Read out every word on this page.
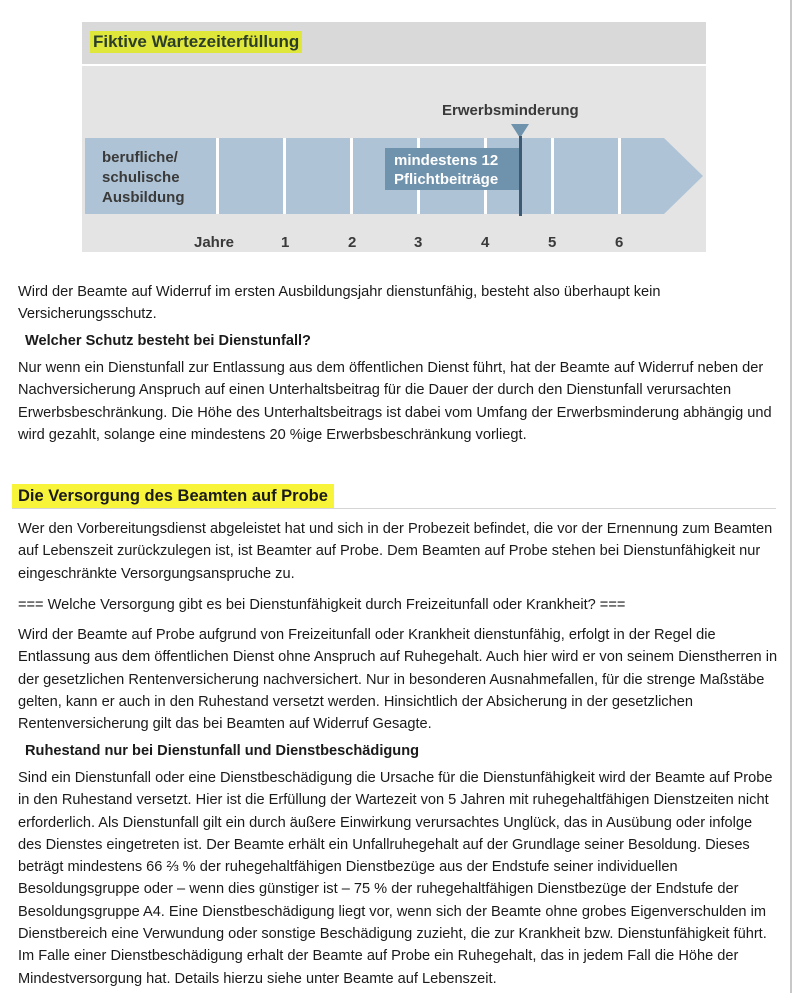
Fiktive Wartezeiterfüllung
berufliche/
schulische
Ausbildung
mindestens 12
Pflichtbeiträge
Erwerbsminderung
Jahre	1	2	3	4	5	6

Wird der Beamte auf Widerruf im ersten Ausbildungsjahr dienstunfähig, besteht also überhaupt kein Versicherungsschutz.

Welcher Schutz besteht bei Dienstunfall?

Nur wenn ein Dienstunfall zur Entlassung aus dem öffentlichen Dienst führt, hat der Beamte auf Widerruf neben der Nachversicherung Anspruch auf einen Unterhaltsbeitrag für die Dauer der durch den Dienstunfall verursachten Erwerbsbeschränkung. Die Höhe des Unterhaltsbeitrags ist dabei vom Umfang der Erwerbsminderung abhängig und wird gezahlt, solange eine mindestens 20 %ige Erwerbsbeschränkung vorliegt.

Die Versorgung des Beamten auf Probe

Wer den Vorbereitungsdienst abgeleistet hat und sich in der Probezeit befindet, die vor der Ernennung zum Beamten auf Lebenszeit zurückzulegen ist, ist Beamter auf Probe. Dem Beamten auf Probe stehen bei Dienstunfähigkeit nur eingeschränkte Versorgungsanspruche zu.

=== Welche Versorgung gibt es bei Dienstunfähigkeit durch Freizeitunfall oder Krankheit? ===

Wird der Beamte auf Probe aufgrund von Freizeitunfall oder Krankheit dienstunfähig, erfolgt in der Regel die Entlassung aus dem öffentlichen Dienst ohne Anspruch auf Ruhegehalt. Auch hier wird er von seinem Dienstherren in der gesetzlichen Rentenversicherung nachversichert. Nur in besonderen Ausnahmefallen, für die strenge Maßstäbe gelten, kann er auch in den Ruhestand versetzt werden. Hinsichtlich der Absicherung in der gesetzlichen Rentenversicherung gilt das bei Beamten auf Widerruf Gesagte.

Ruhestand nur bei Dienstunfall und Dienstbeschädigung

Sind ein Dienstunfall oder eine Dienstbeschädigung die Ursache für die Dienstunfähigkeit wird der Beamte auf Probe in den Ruhestand versetzt. Hier ist die Erfüllung der Wartezeit von 5 Jahren mit ruhegehaltfähigen Dienstzeiten nicht erforderlich. Als Dienstunfall gilt ein durch äußere Einwirkung verursachtes Unglück, das in Ausübung oder infolge des Dienstes eingetreten ist. Der Beamte erhält ein Unfallruhegehalt auf der Grundlage seiner Besoldung. Dieses beträgt mindestens 66 ⅔ % der ruhegehaltfähigen Dienstbezüge aus der Endstufe seiner individuellen Besoldungsgruppe oder – wenn dies günstiger ist – 75 % der ruhegehaltfähigen Dienstbezüge der Endstufe der Besoldungsgruppe A4. Eine Dienstbeschädigung liegt vor, wenn sich der Beamte ohne grobes Eigenverschulden im Dienstbereich eine Verwundung oder sonstige Beschädigung zuzieht, die zur Krankheit bzw. Dienstunfähigkeit führt. Im Falle einer Dienstbeschädigung erhalt der Beamte auf Probe ein Ruhegehalt, das in jedem Fall die Höhe der Mindestversorgung hat. Details hierzu siehe unter Beamte auf Lebenszeit.
